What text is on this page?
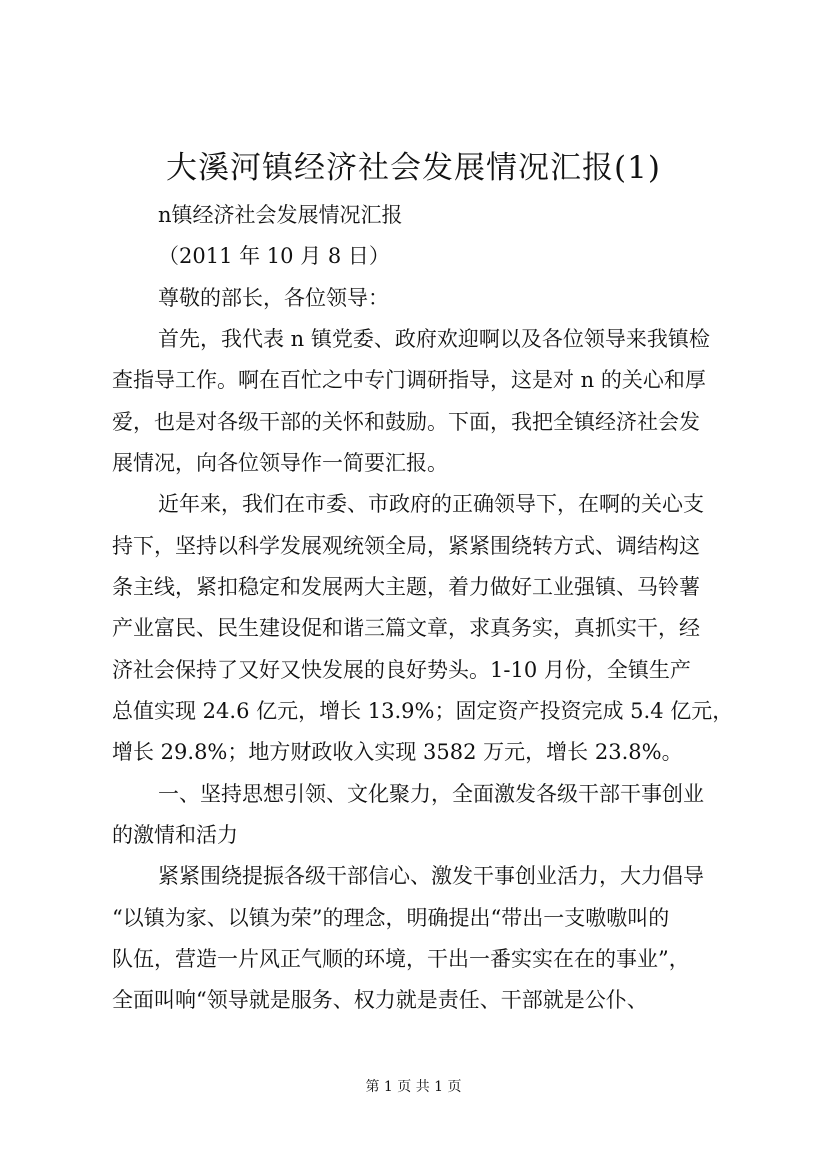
大溪河镇经济社会发展情况汇报(1)
n镇经济社会发展情况汇报
（2011 年 10 月 8 日）
尊敬的部长，各位领导：
首先，我代表 n 镇党委、政府欢迎啊以及各位领导来我镇检
查指导工作。啊在百忙之中专门调研指导，这是对 n 的关心和厚
爱，也是对各级干部的关怀和鼓励。下面，我把全镇经济社会发
展情况，向各位领导作一简要汇报。
近年来，我们在市委、市政府的正确领导下，在啊的关心支
持下，坚持以科学发展观统领全局，紧紧围绕转方式、调结构这
条主线，紧扣稳定和发展两大主题，着力做好工业强镇、马铃薯
产业富民、民生建设促和谐三篇文章，求真务实，真抓实干，经
济社会保持了又好又快发展的良好势头。1-10 月份，全镇生产
总值实现 24.6 亿元，增长 13.9%；固定资产投资完成 5.4 亿元，
增长 29.8%；地方财政收入实现 3582 万元，增长 23.8%。
一、坚持思想引领、文化聚力，全面激发各级干部干事创业
的激情和活力
紧紧围绕提振各级干部信心、激发干事创业活力，大力倡导
“以镇为家、以镇为荣”的理念，明确提出“带出一支嗷嗷叫的
队伍，营造一片风正气顺的环境，干出一番实实在在的事业”，
全面叫响“领导就是服务、权力就是责任、干部就是公仆、
第 1 页 共 1 页
